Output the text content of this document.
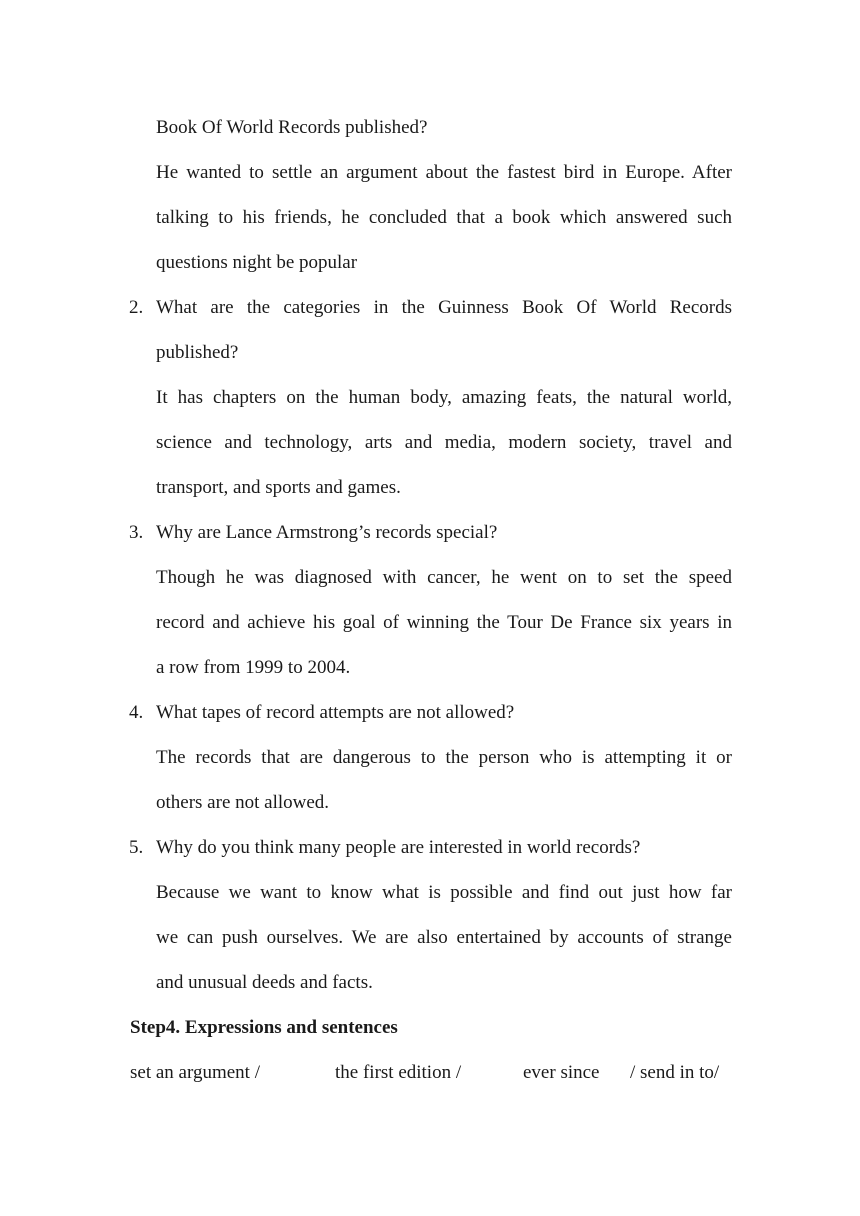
Book Of World Records published?
He wanted to settle an argument about the fastest bird in Europe. After
talking to his friends, he concluded that a book which answered such
questions night be popular
2. What are the categories in the Guinness Book Of World Records
published?
It has chapters on the human body, amazing feats, the natural world,
science and technology, arts and media, modern society, travel and
transport, and sports and games.
3. Why are Lance Armstrong’s records special?
Though he was diagnosed with cancer, he went on to set the speed
record and achieve his goal of winning the Tour De France six years in
a row from 1999 to 2004.
4. What tapes of record attempts are not allowed?
The records that are dangerous to the person who is attempting it or
others are not allowed.
5. Why do you think many people are interested in world records?
Because we want to know what is possible and find out just how far
we can push ourselves. We are also entertained by accounts of strange
and unusual deeds and facts.
Step4. Expressions and sentences
set an argument /	the first edition /	ever since / send in to/
